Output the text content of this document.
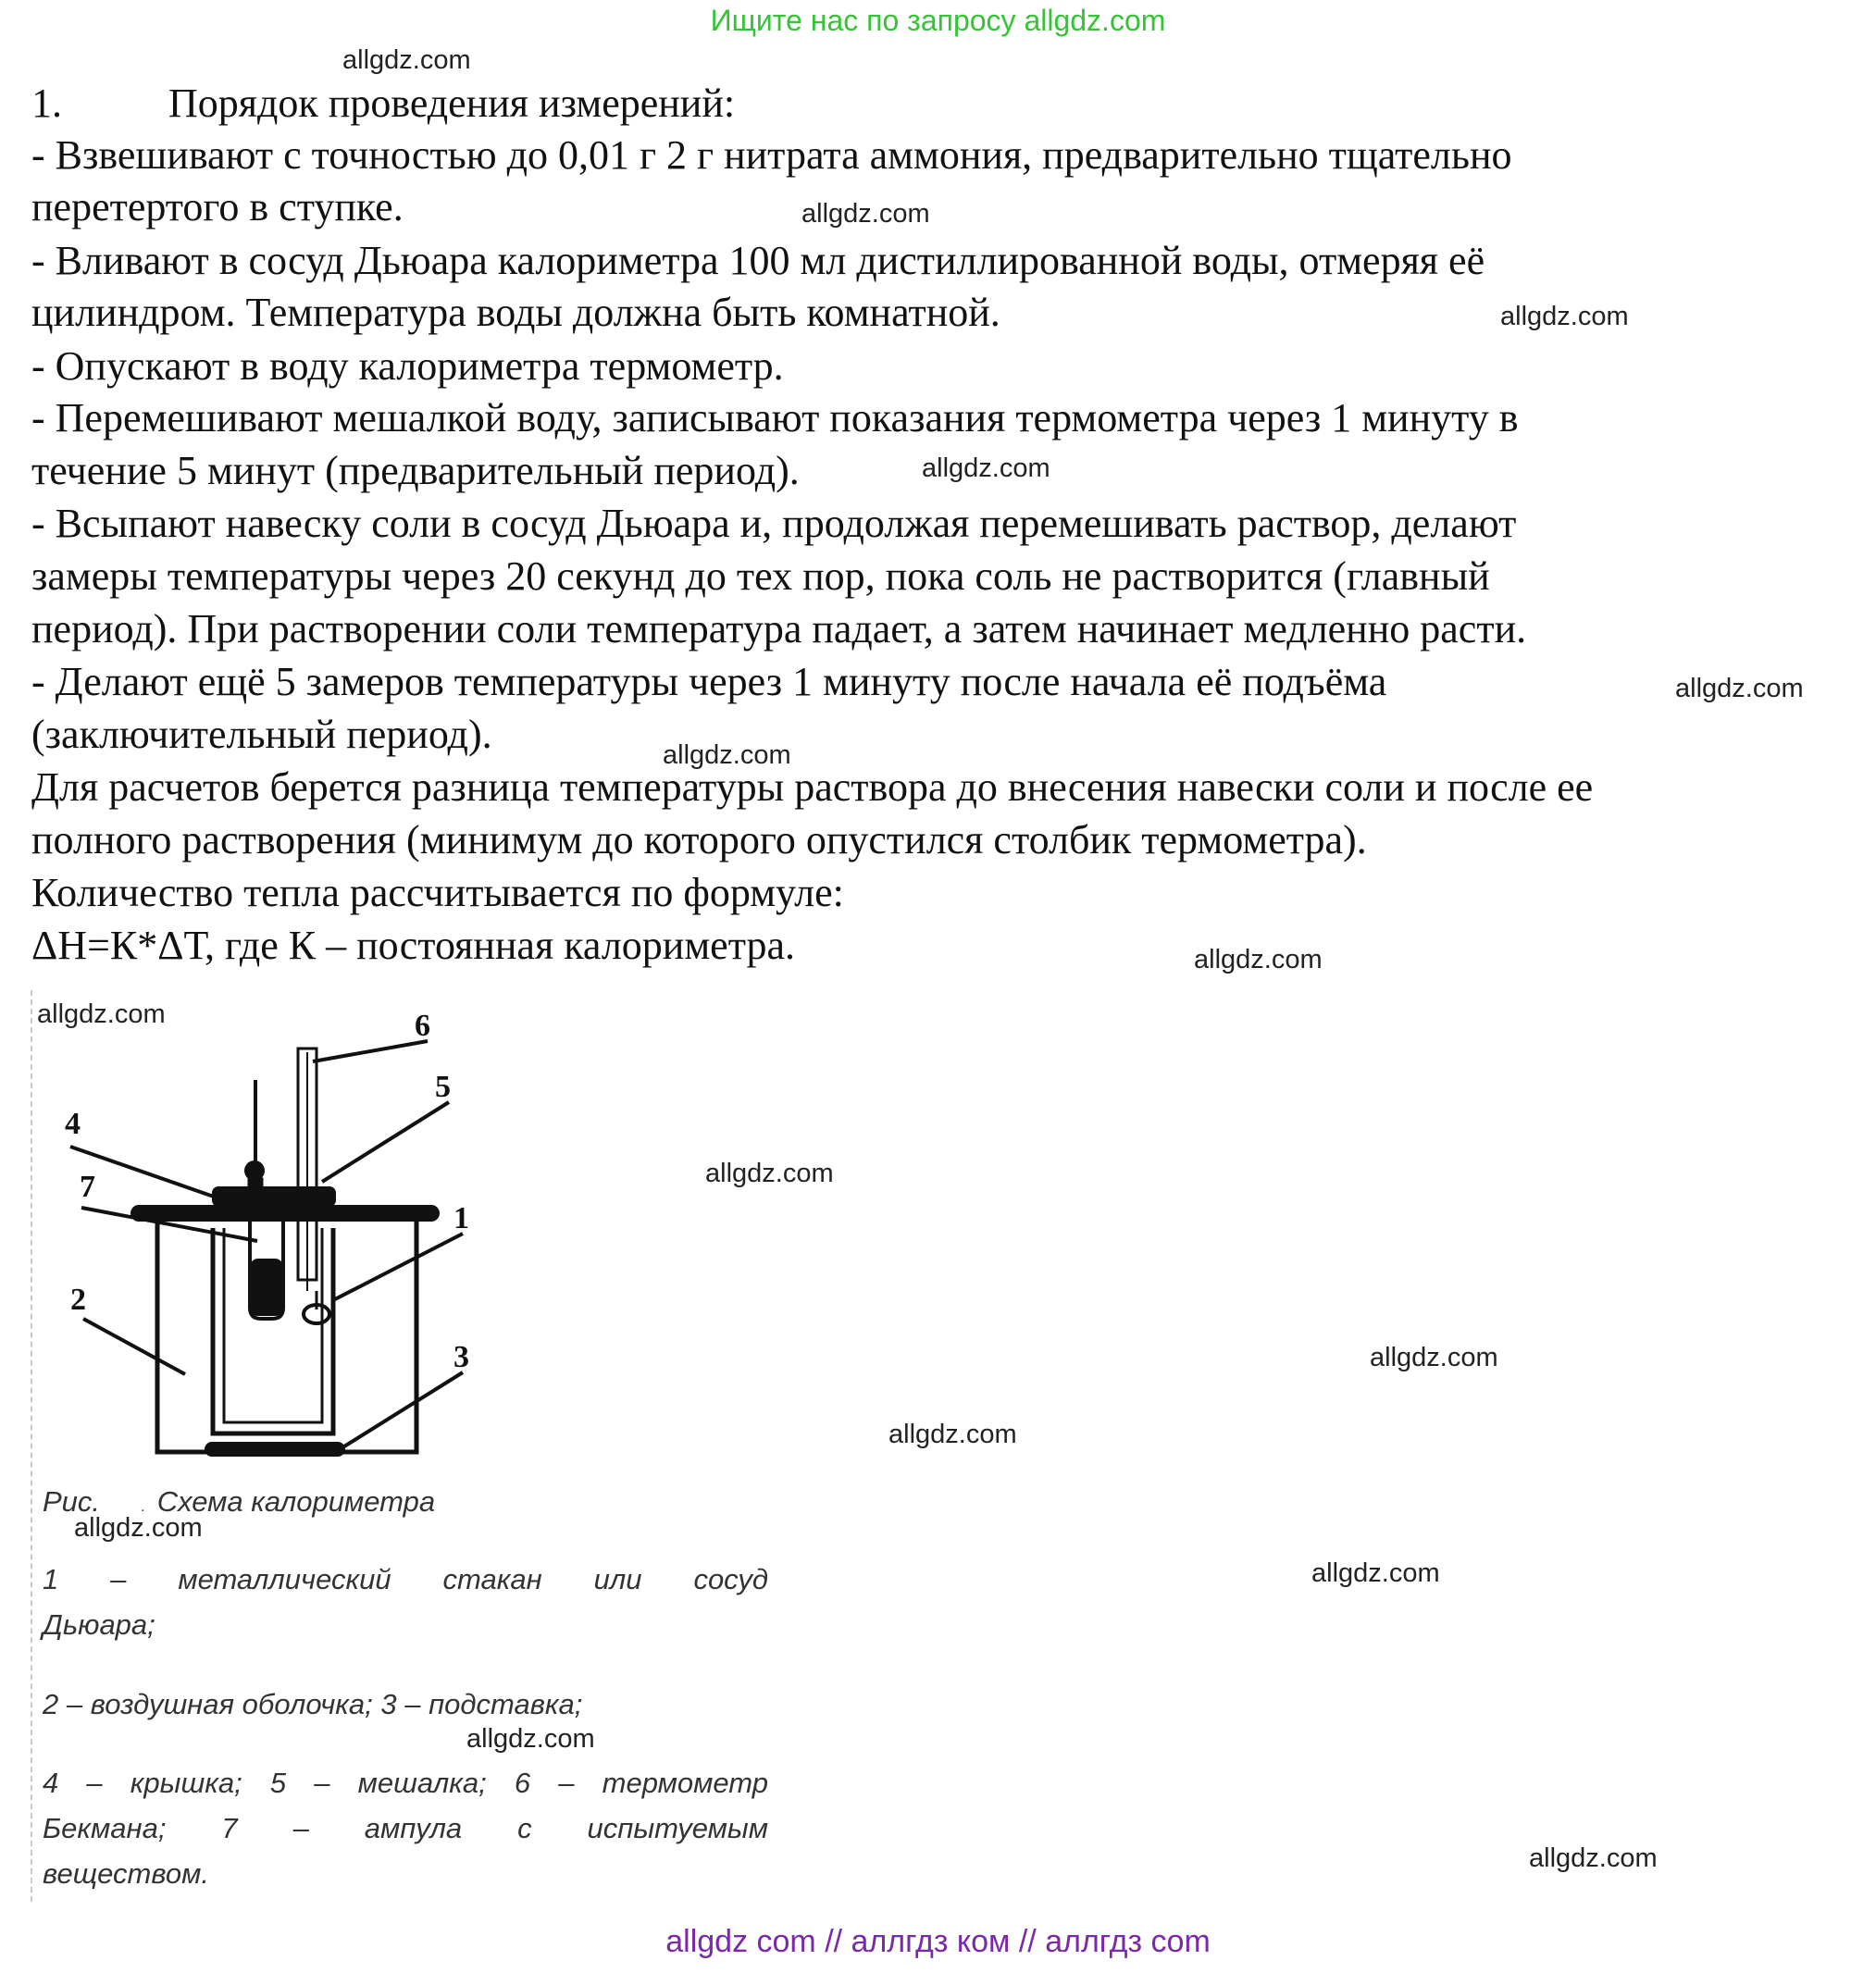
Ищите нас по запросу allgdz.com
allgdz.com
allgdz.com
allgdz.com
allgdz.com
allgdz.com
allgdz.com
allgdz.com
allgdz.com
allgdz.com
allgdz.com
allgdz.com
allgdz.com
allgdz.com
allgdz.com
allgdz.com
1.	Порядок проведения измерений:
- Взвешивают с точностью до 0,01 г 2 г нитрата аммония, предварительно тщательно
перетертого в ступке.
- Вливают в сосуд Дьюара калориметра 100 мл дистиллированной воды, отмеряя её
цилиндром. Температура воды должна быть комнатной.
- Опускают в воду калориметра термометр.
- Перемешивают мешалкой воду, записывают показания термометра через 1 минуту в
течение 5 минут (предварительный период).
- Всыпают навеску соли в сосуд Дьюара и, продолжая перемешивать раствор, делают
замеры температуры через 20 секунд до тех пор, пока соль не растворится (главный
период). При растворении соли температура падает, а затем начинает медленно расти.
- Делают ещё 5 замеров температуры через 1 минуту после начала её подъёма
(заключительный период).
Для расчетов берется разница температуры раствора до внесения навески соли и после ее
полного растворения (минимум до которого опустился столбик термометра).
Количество тепла рассчитывается по формуле:
ΔН=К*ΔТ, где К – постоянная калориметра.
6
5
4
7
1
2
3
Рис.	. Схема калориметра
1 – металлический стакан или сосуд
Дьюара;
2 – воздушная оболочка; 3 – подставка;
4 – крышка; 5 – мешалка; 6 – термометр
Бекмана; 7 – ампула с испытуемым
веществом.
allgdz com // аллгдз ком // аллгдз com
